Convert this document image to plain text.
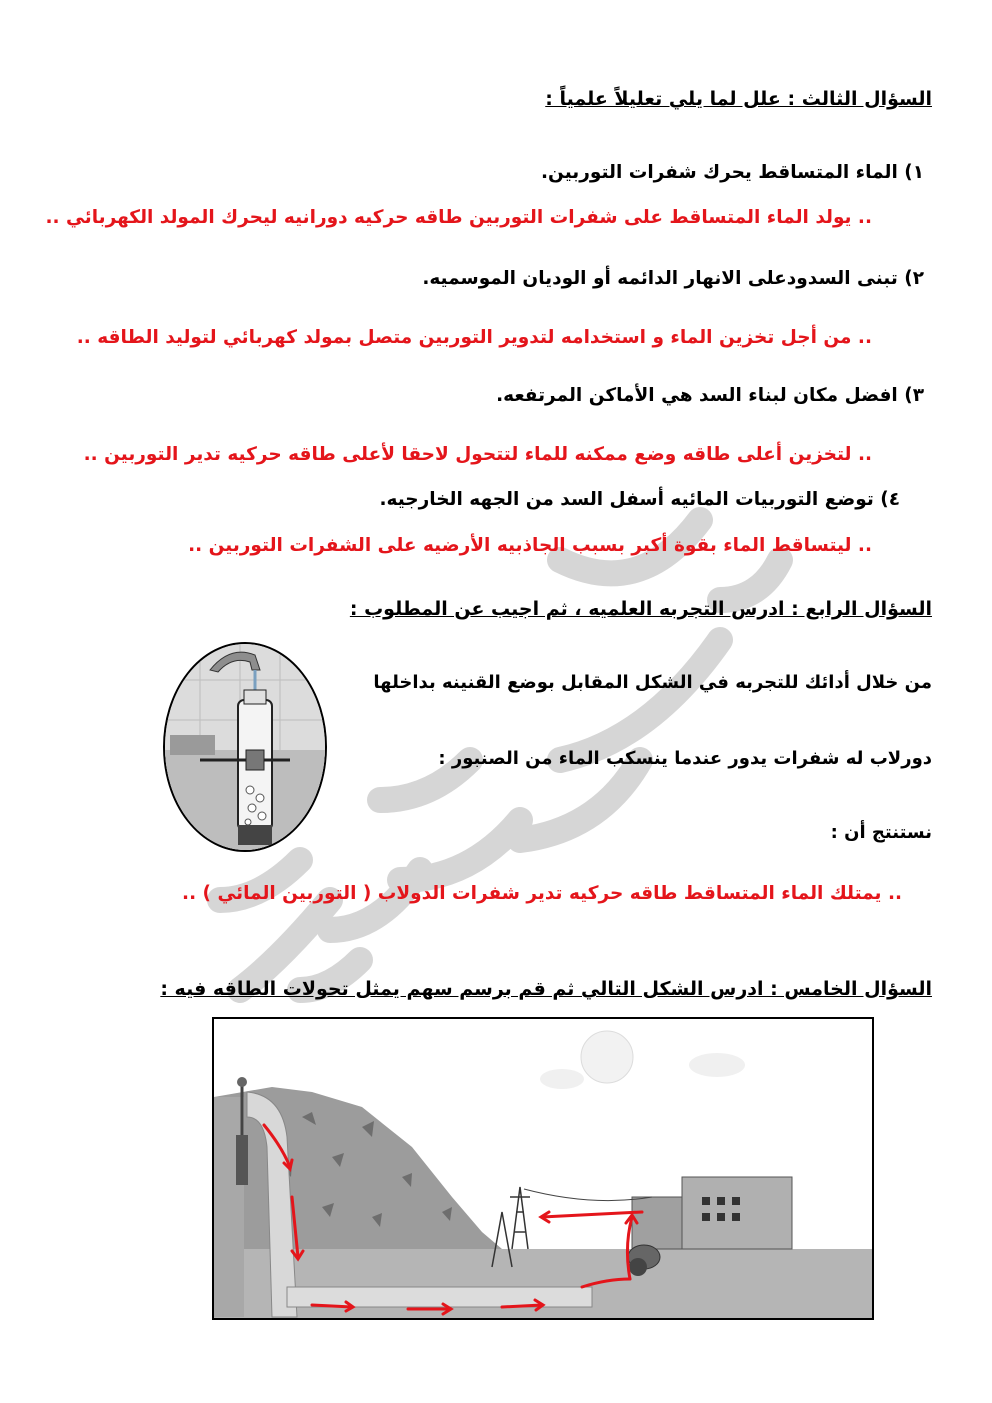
السؤال الثالث : علل لما يلي تعليلاً علمياً :
١) الماء المتساقط يحرك شفرات التوربين.
.. يولد الماء المتساقط على شفرات التوربين طاقه حركيه دورانيه ليحرك المولد الكهربائي ..
٢) تبنى السدودعلى الانهار الدائمه أو الوديان الموسميه.
.. من أجل تخزين الماء و استخدامه لتدوير التوربين متصل بمولد كهربائي لتوليد الطاقه ..
٣) افضل مكان لبناء السد هي الأماكن المرتفعه.
.. لتخزين أعلى طاقه وضع ممكنه للماء لتتحول لاحقا لأعلى طاقه حركيه تدير التوربين ..
٤) توضع التوربيات المائيه أسفل السد من الجهه الخارجيه.
.. ليتساقط الماء بقوة أكبر بسبب الجاذبيه الأرضيه على الشفرات التوربين ..
السؤال الرابع : ادرس التجربه العلميه ، ثم اجيب عن المطلوب :
من خلال أدائك للتجربه في الشكل المقابل بوضع القنينه بداخلها
دورلاب له شفرات يدور عندما ينسكب الماء من الصنبور :
نستنتج أن :
.. يمتلك الماء المتساقط طاقه حركيه تدير شفرات الدولاب ( التوربين المائي ) ..
السؤال الخامس : ادرس الشكل التالي ثم قم برسم سهم يمثل تحولات الطاقه فيه :
